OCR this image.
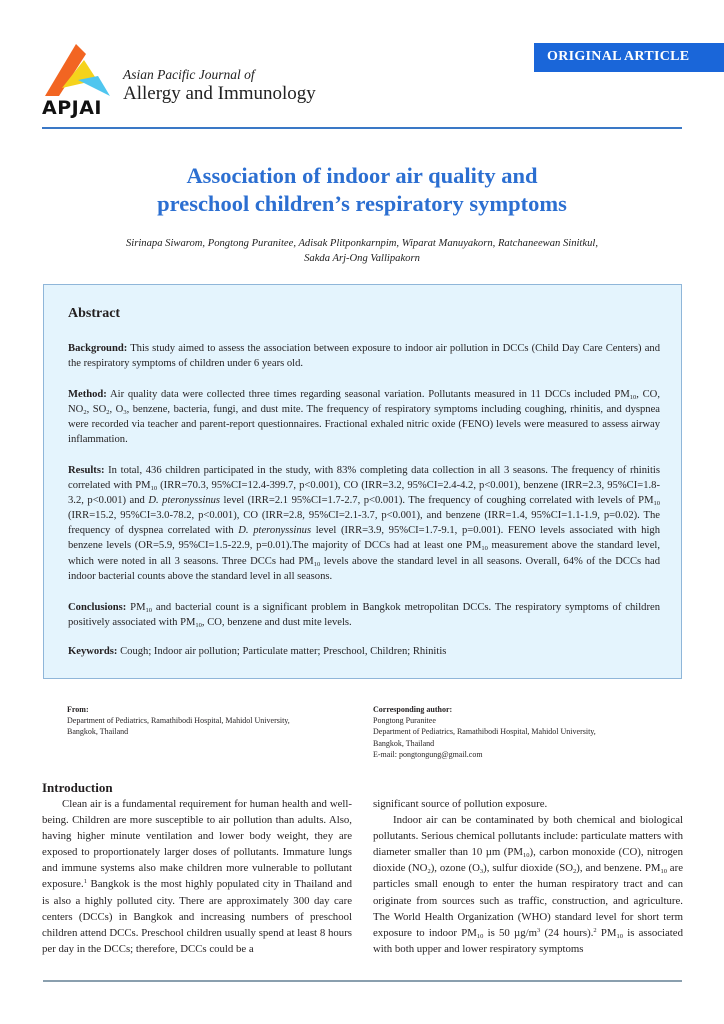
APJAI
Asian Pacific Journal of
Allergy and Immunology
ORIGINAL ARTICLE
Association of indoor air quality and
preschool children’s respiratory symptoms
Sirinapa Siwarom, Pongtong Puranitee, Adisak Plitponkarnpim, Wiparat Manuyakorn, Ratchaneewan Sinitkul,
Sakda Arj-Ong Vallipakorn
Abstract
Background: This study aimed to assess the association between exposure to indoor air pollution in DCCs (Child Day Care Centers) and the respiratory symptoms of children under 6 years old.
Method: Air quality data were collected three times regarding seasonal variation. Pollutants measured in 11 DCCs included $PM_{10}$, CO, $NO_2$, $SO_2$, $O_3$, benzene, bacteria, fungi, and dust mite. The frequency of respiratory symptoms including coughing, rhinitis, and dyspnea were recorded via teacher and parent-report questionnaires. Fractional exhaled nitric oxide (FENO) levels were measured to assess airway inflammation.
Results: In total, 436 children participated in the study, with 83% completing data collection in all 3 seasons. The frequency of rhinitis correlated with $PM_{10}$ (IRR=70.3, 95%CI=12.4-399.7, p<0.001), CO (IRR=3.2, 95%CI=2.4-4.2, p<0.001), benzene (IRR=2.3, 95%CI=1.8-3.2, p<0.001) and D. pteronyssinus level (IRR=2.1 95%CI=1.7-2.7, p<0.001). The frequency of coughing correlated with levels of $PM_{10}$ (IRR=15.2, 95%CI=3.0-78.2, p<0.001), CO (IRR=2.8, 95%CI=2.1-3.7, p<0.001), and benzene (IRR=1.4, 95%CI=1.1-1.9, p=0.02). The frequency of dyspnea correlated with D. pteronyssinus level (IRR=3.9, 95%CI=1.7-9.1, p=0.001). FENO levels associated with high benzene levels (OR=5.9, 95%CI=1.5-22.9, p=0.01).The majority of DCCs had at least one $PM_{10}$ measurement above the standard level, which were noted in all 3 seasons. Three DCCs had $PM_{10}$ levels above the standard level in all seasons. Overall, 64% of the DCCs had indoor bacterial counts above the standard level in all seasons.
Conclusions: $PM_{10}$ and bacterial count is a significant problem in Bangkok metropolitan DCCs. The respiratory symptoms of children positively associated with $PM_{10}$, CO, benzene and dust mite levels.
Keywords: Cough; Indoor air pollution; Particulate matter; Preschool, Children; Rhinitis
From:
Department of Pediatrics, Ramathibodi Hospital, Mahidol University,
Bangkok, Thailand
Corresponding author:
Pongtong Puranitee
Department of Pediatrics, Ramathibodi Hospital, Mahidol University,
Bangkok, Thailand
E-mail: pongtongung@gmail.com
Introduction

Clean air is a fundamental requirement for human health and well-being. Children are more susceptible to air pollution than adults. Also, having higher minute ventilation and lower body weight, they are exposed to proportionately larger doses of pollutants. Immature lungs and immune systems also make children more vulnerable to pollutant exposure.$^1$ Bangkok is the most highly populated city in Thailand and is also a highly polluted city. There are approximately 300 day care centers (DCCs) in Bangkok and increasing numbers of preschool children attend DCCs. Preschool children usually spend at least 8 hours per day in the DCCs; therefore, DCCs could be a

significant source of pollution exposure.

Indoor air can be contaminated by both chemical and biological pollutants. Serious chemical pollutants include: particulate matters with diameter smaller than 10 µm $(PM_{10})$, carbon monoxide (CO), nitrogen dioxide $(NO_2)$, ozone $(O_3)$, sulfur dioxide $(SO_2)$, and benzene. $PM_{10}$ are particles small enough to enter the human respiratory tract and can originate from sources such as traffic, construction, and agriculture. The World Health Organization (WHO) standard level for short term exposure to indoor $PM_{10}$ is 50 $\mu g/m^3$ (24 hours).$^2$ $PM_{10}$ is associated with both upper and lower respiratory symptoms
